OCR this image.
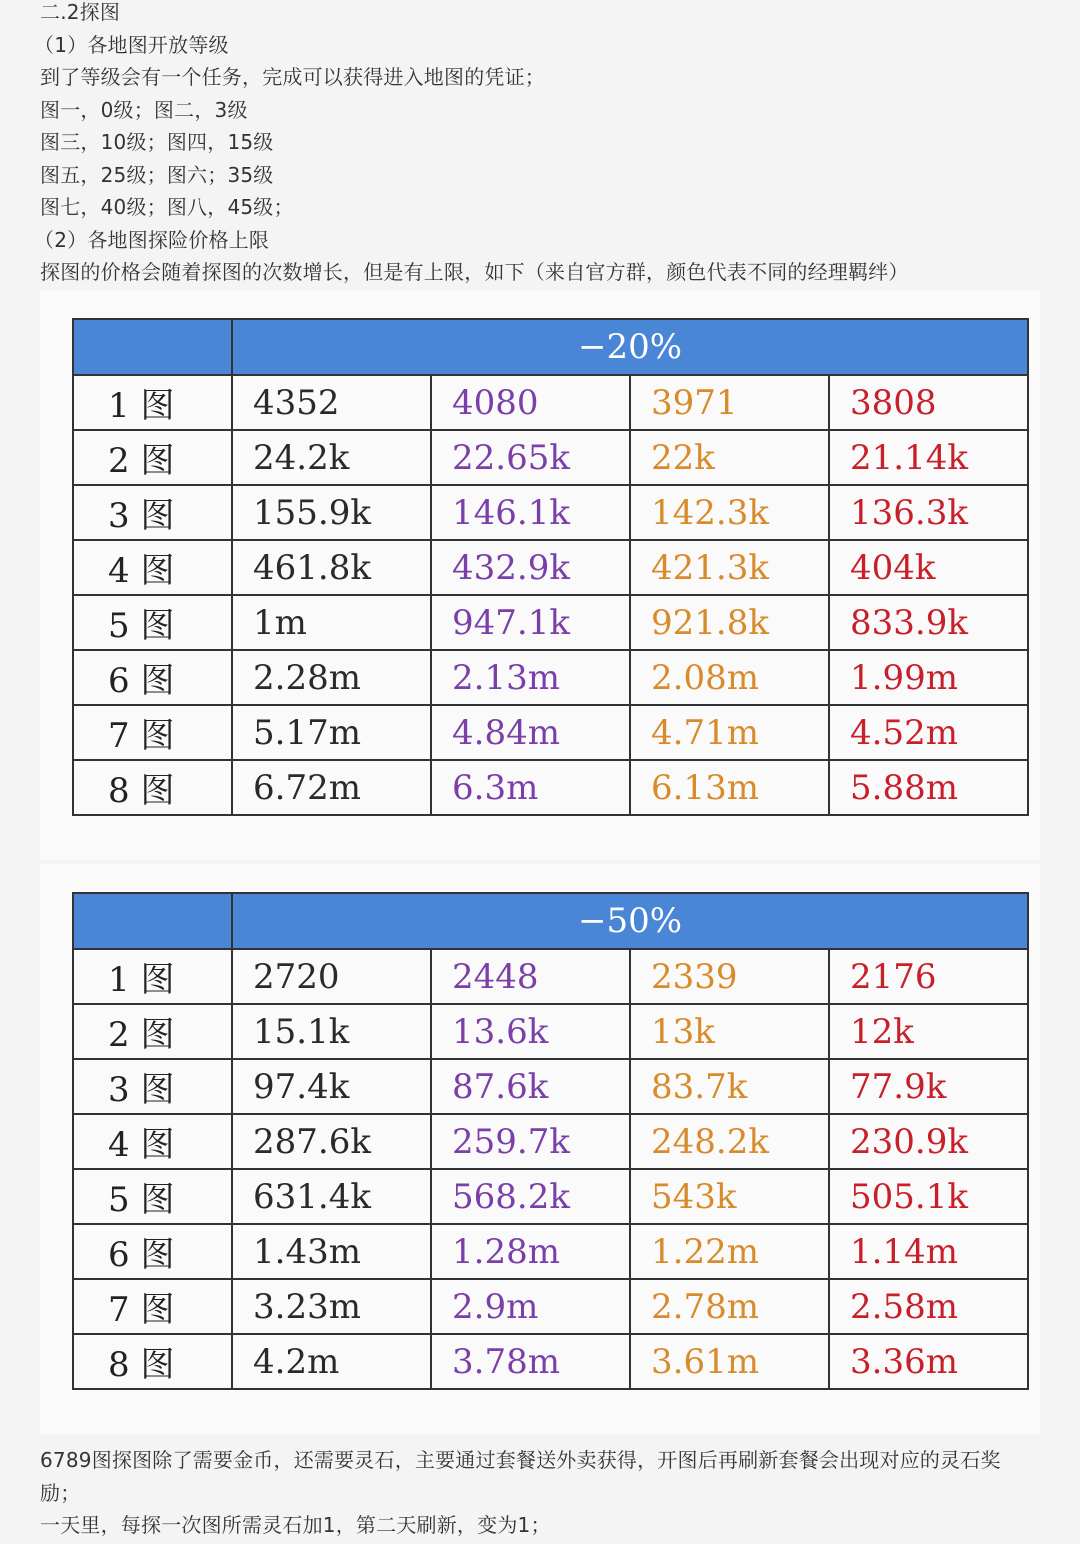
二.2探图
（1）各地图开放等级
到了等级会有一个任务，完成可以获得进入地图的凭证；
图一，0级；图二，3级
图三，10级；图四，15级
图五，25级；图六；35级
图七，40级；图八，45级；
（2）各地图探险价格上限
探图的价格会随着探图的次数增长，但是有上限，如下（来自官方群，颜色代表不同的经理羁绊）
	−20%			
1 图	4352	4080	3971	3808
2 图	24.2k	22.65k	22k	21.14k
3 图	155.9k	146.1k	142.3k	136.3k
4 图	461.8k	432.9k	421.3k	404k
5 图	1m	947.1k	921.8k	833.9k
6 图	2.28m	2.13m	2.08m	1.99m
7 图	5.17m	4.84m	4.71m	4.52m
8 图	6.72m	6.3m	6.13m	5.88m
	−50%			
1 图	2720	2448	2339	2176
2 图	15.1k	13.6k	13k	12k
3 图	97.4k	87.6k	83.7k	77.9k
4 图	287.6k	259.7k	248.2k	230.9k
5 图	631.4k	568.2k	543k	505.1k
6 图	1.43m	1.28m	1.22m	1.14m
7 图	3.23m	2.9m	2.78m	2.58m
8 图	4.2m	3.78m	3.61m	3.36m
6789图探图除了需要金币，还需要灵石，主要通过套餐送外卖获得，开图后再刷新套餐会出现对应的灵石奖励；
一天里，每探一次图所需灵石加1，第二天刷新，变为1；
